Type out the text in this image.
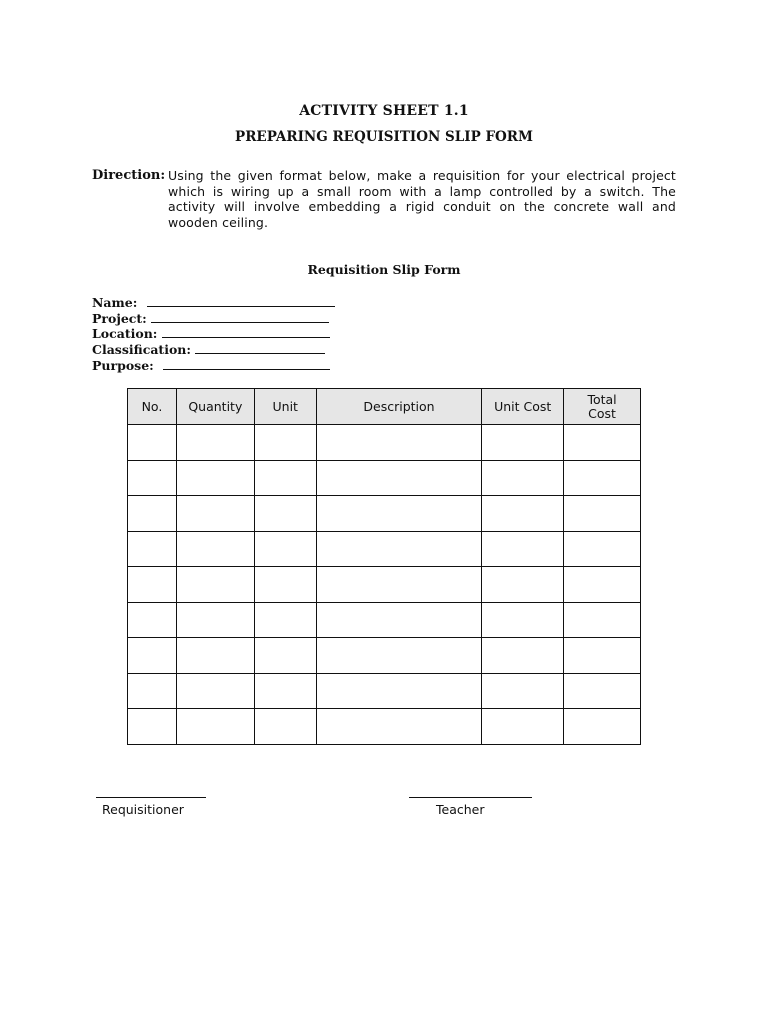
ACTIVITY SHEET 1.1
PREPARING REQUISITION SLIP FORM
Direction: Using the given format below, make a requisition for your electrical project which is wiring up a small room with a lamp controlled by a switch. The activity will involve embedding a rigid conduit on the concrete wall and wooden ceiling.
Requisition Slip Form
Name:
Project:
Location:
Classification:
Purpose:
No.	Quantity	Unit	Description	Unit Cost	Total
Cost

Requisitioner	Teacher
